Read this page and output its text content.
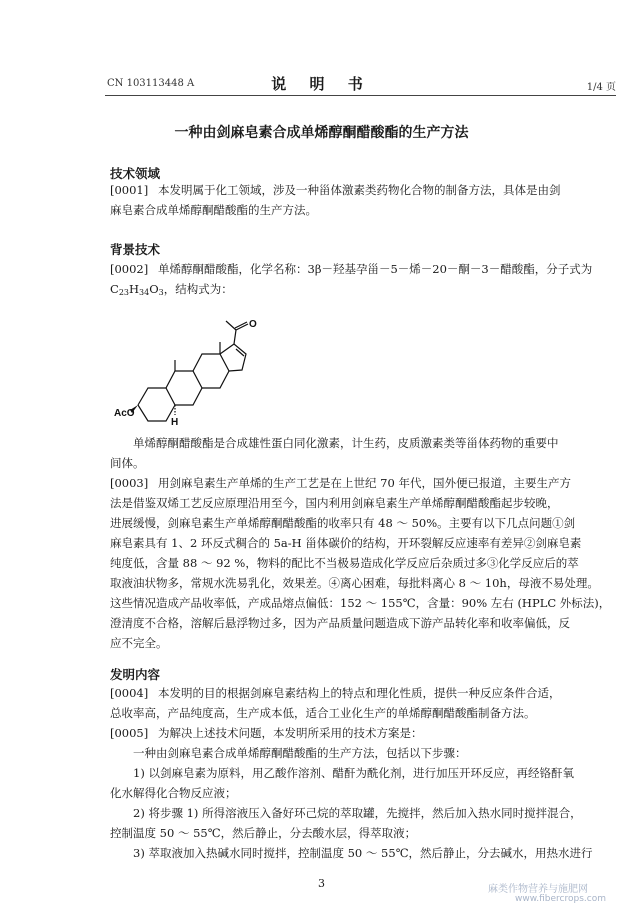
CN 103113448 A	说 明 书	1/4 页
一种由剑麻皂素合成单烯醇酮醋酸酯的生产方法
技术领域
[0001] 本发明属于化工领域，涉及一种甾体激素类药物化合物的制备方法，具体是由剑
麻皂素合成单烯醇酮醋酸酯的生产方法。
背景技术
[0002] 单烯醇酮醋酸酯，化学名称：3β－羟基孕甾－5－烯－20－酮－3－醋酸酯，分子式为
$C_{23}H_{34}O_3$，结构式为：
AcO
H
O
单烯醇酮醋酸酯是合成雄性蛋白同化激素，计生药，皮质激素类等甾体药物的重要中
间体。
[0003] 用剑麻皂素生产单烯的生产工艺是在上世纪 70 年代，国外便已报道，主要生产方
法是借鉴双烯工艺反应原理沿用至今，国内利用剑麻皂素生产单烯醇酮醋酸酯起步较晚，
进展缓慢，剑麻皂素生产单烯醇酮醋酸酯的收率只有 48 ～ 50%。主要有以下几点问题①剑
麻皂素具有 1、2 环反式稠合的 5a-H 甾体碳价的结构，开环裂解反应速率有差异②剑麻皂素
纯度低，含量 88 ～ 92 %，物料的配比不当极易造成化学反应后杂质过多③化学反应后的萃
取液油状物多，常规水洗易乳化，效果差。④离心困难，每批料离心 8 ～ 10h，母液不易处理。
这些情况造成产品收率低，产成品熔点偏低：152 ～ 155℃，含量：90% 左右 (HPLC 外标法)，
澄清度不合格，溶解后悬浮物过多，因为产品质量问题造成下游产品转化率和收率偏低，反
应不完全。
发明内容
[0004] 本发明的目的根据剑麻皂素结构上的特点和理化性质，提供一种反应条件合适，
总收率高，产品纯度高，生产成本低，适合工业化生产的单烯醇酮醋酸酯制备方法。
[0005] 为解决上述技术问题，本发明所采用的技术方案是：
一种由剑麻皂素合成单烯醇酮醋酸酯的生产方法，包括以下步骤：
1) 以剑麻皂素为原料，用乙酸作溶剂、醋酐为酰化剂，进行加压开环反应，再经铬酐氧
化水解得化合物反应液；
2) 将步骤 1) 所得溶液压入备好环己烷的萃取罐，先搅拌，然后加入热水同时搅拌混合，
控制温度 50 ～ 55℃，然后静止，分去酸水层，得萃取液；
3) 萃取液加入热碱水同时搅拌，控制温度 50 ～ 55℃，然后静止，分去碱水，用热水进行
3	麻类作物营养与施肥网
www.fibercrops.com
